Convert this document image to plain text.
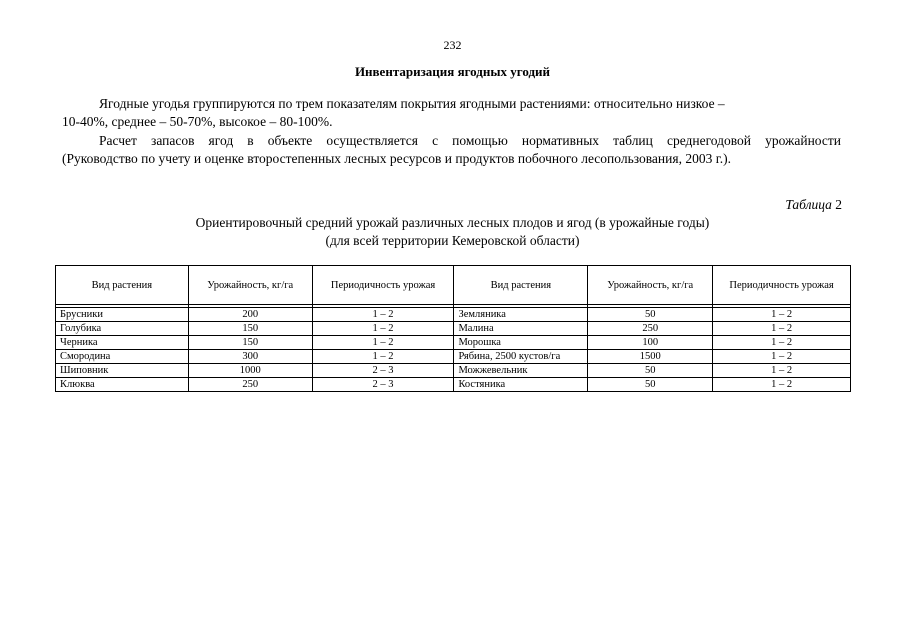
232
Инвентаризация ягодных угодий
Ягодные угодья группируются по трем показателям покрытия ягодными растениями: относительно низкое –
10-40%, среднее – 50-70%, высокое – 80-100%.
Расчет запасов ягод в объекте осуществляется с помощью нормативных таблиц среднегодовой урожайности
(Руководство по учету и оценке второстепенных лесных ресурсов и продуктов побочного лесопользования, 2003 г.).
Таблица 2
Ориентировочный средний урожай различных лесных плодов и ягод (в урожайные годы)
(для всей территории Кемеровской области)
Вид растения	Урожайность, кг/га	Периодичность урожая	Вид растения	Урожайность, кг/га	Периодичность урожая

Брусники	200	1 – 2	Земляника	50	1 – 2
Голубика	150	1 – 2	Малина	250	1 – 2
Черника	150	1 – 2	Морошка	100	1 – 2
Смородина	300	1 – 2	Рябина, 2500 кустов/га	1500	1 – 2
Шиповник	1000	2 – 3	Можжевельник	50	1 – 2
Клюква	250	2 – 3	Костяника	50	1 – 2
